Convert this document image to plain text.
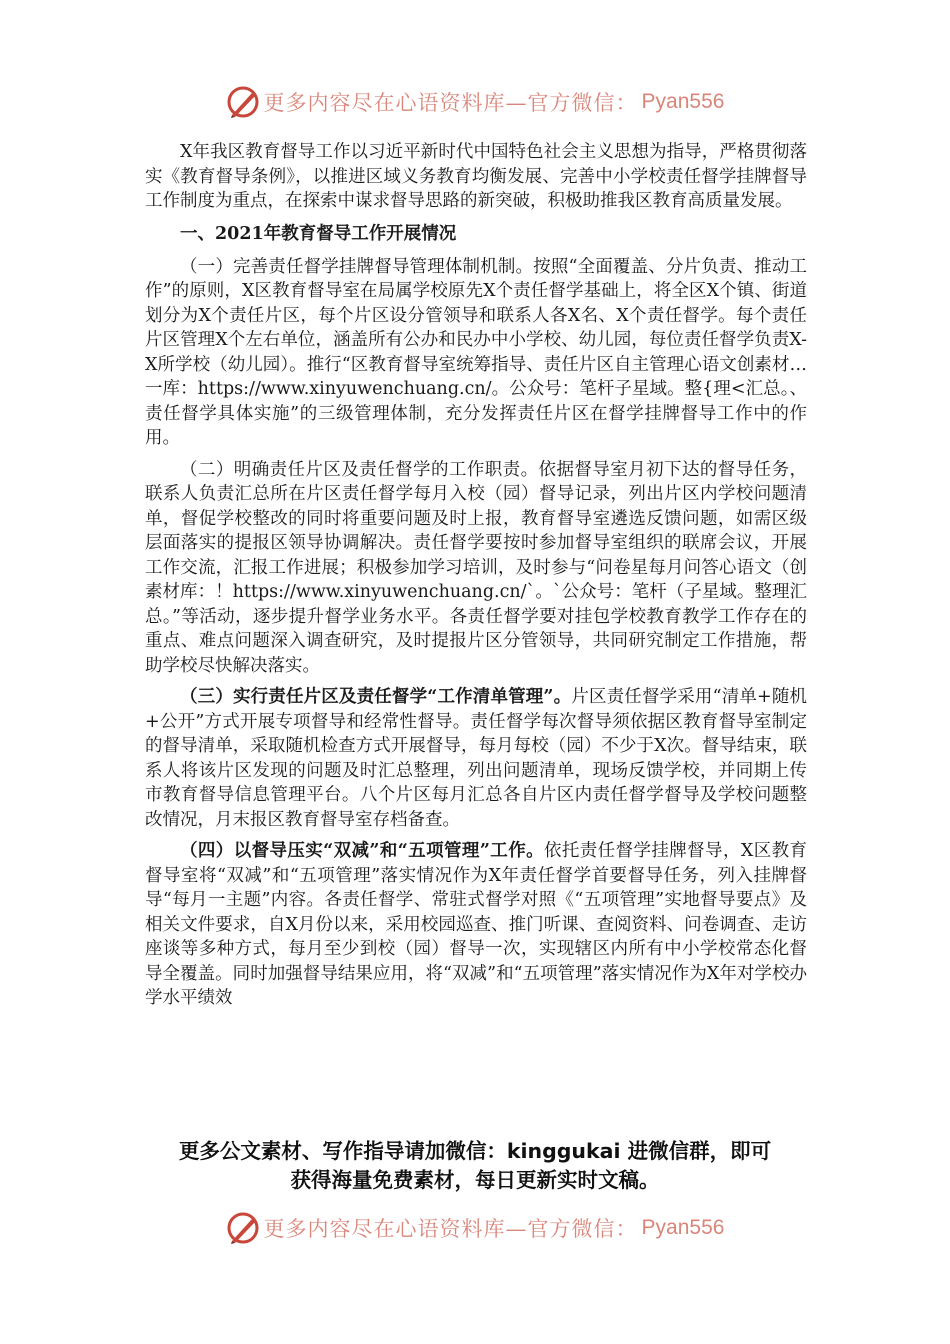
更多内容尽在心语资料库—官方微信： Pyan556

X年我区教育督导工作以习近平新时代中国特色社会主义思想为指导，严格贯彻落实《教育督导条例》，以推进区域义务教育均衡发展、完善中小学校责任督学挂牌督导工作制度为重点，在探索中谋求督导思路的新突破，积极助推我区教育高质量发展。

一、2021年教育督导工作开展情况

（一）完善责任督学挂牌督导管理体制机制。按照“全面覆盖、分片负责、推动工作”的原则，X区教育督导室在局属学校原先X个责任督学基础上，将全区X个镇、街道划分为X个责任片区，每个片区设分管领导和联系人各X名、X个责任督学。每个责任片区管理X个左右单位，涵盖所有公办和民办中小学校、幼儿园，每位责任督学负责X-X所学校（幼儿园）。推行“区教育督导室统筹指导、责任片区自主管理心语文创素材…一库：https://www.xinyuwenchuang.cn/。公众号：笔杆子星域。整{理<汇总。、责任督学具体实施”的三级管理体制，充分发挥责任片区在督学挂牌督导工作中的作用。

（二）明确责任片区及责任督学的工作职责。依据督导室月初下达的督导任务，联系人负责汇总所在片区责任督学每月入校（园）督导记录，列出片区内学校问题清单，督促学校整改的同时将重要问题及时上报，教育督导室遴选反馈问题，如需区级层面落实的提报区领导协调解决。责任督学要按时参加督导室组织的联席会议，开展工作交流，汇报工作进展；积极参加学习培训，及时参与“问卷星每月问答心语文（创素材库：！https://www.xinyuwenchuang.cn/`。`公众号：笔杆（子星域。整理汇总。”等活动，逐步提升督学业务水平。各责任督学要对挂包学校教育教学工作存在的重点、难点问题深入调查研究，及时提报片区分管领导，共同研究制定工作措施，帮助学校尽快解决落实。

（三）实行责任片区及责任督学“工作清单管理”。片区责任督学采用“清单+随机+公开”方式开展专项督导和经常性督导。责任督学每次督导须依据区教育督导室制定的督导清单，采取随机检查方式开展督导，每月每校（园）不少于X次。督导结束，联系人将该片区发现的问题及时汇总整理，列出问题清单，现场反馈学校，并同期上传市教育督导信息管理平台。八个片区每月汇总各自片区内责任督学督导及学校问题整改情况，月末报区教育督导室存档备查。

（四）以督导压实“双减”和“五项管理”工作。依托责任督学挂牌督导，X区教育督导室将“双减”和“五项管理”落实情况作为X年责任督学首要督导任务，列入挂牌督导“每月一主题”内容。各责任督学、常驻式督学对照《“五项管理”实地督导要点》及相关文件要求，自X月份以来，采用校园巡查、推门听课、查阅资料、问卷调查、走访座谈等多种方式，每月至少到校（园）督导一次，实现辖区内所有中小学校常态化督导全覆盖。同时加强督导结果应用，将“双减”和“五项管理”落实情况作为X年对学校办学水平绩效

更多公文素材、写作指导请加微信：kinggukai 进微信群，即可
获得海量免费素材，每日更新实时文稿。
更多内容尽在心语资料库—官方微信： Pyan556
